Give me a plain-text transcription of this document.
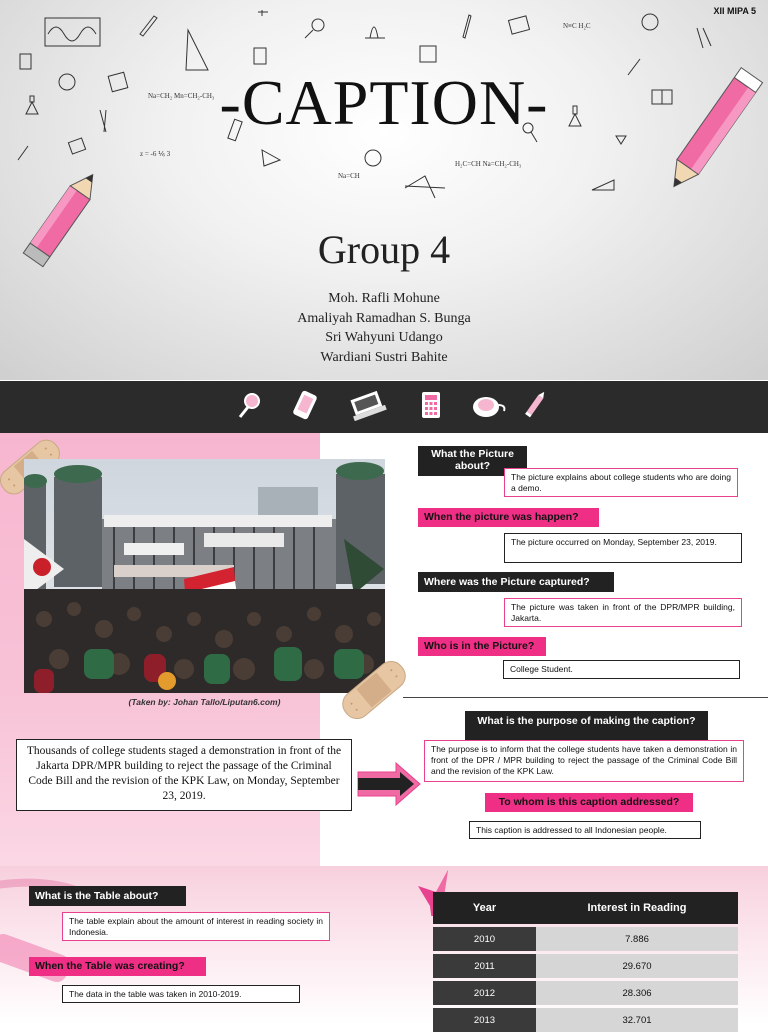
Na=CH₂ Mn=CH₂-CH₃
z = -6 ⅙ 3
H₂C=CH Na=CH₂-CH₃
N≡C H₂C
Na=CH
XII MIPA 5
-CAPTION-
Group 4
Moh. Rafli Mohune
Amaliyah Ramadhan S. Bunga
Sri Wahyuni Udango
Wardiani Sustri Bahite
(Taken by: Johan Tallo/Liputan6.com)
Thousands of college students staged a demonstration in front of the Jakarta DPR/MPR building to reject the passage of the Criminal Code Bill and the revision of the KPK Law, on Monday, September 23, 2019.
What the Picture about?
The picture explains about college students who are doing a demo.
When the picture was happen?
The picture occurred on Monday, September 23, 2019.
Where was the Picture captured?
The picture was taken in front of the DPR/MPR building, Jakarta.
Who is in the Picture?
College Student.
What is the purpose of making the caption?
The purpose is to inform that the college students have taken a demonstration in front of the DPR / MPR building to reject the passage of the Criminal Code Bill and the revision of the KPK Law.
To whom is this caption addressed?
This caption is addressed to all Indonesian people.
What is the Table about?
The table explain about the amount of interest in reading society in Indonesia.
When the Table was creating?
The data in the table was taken in 2010-2019.
Year	Interest in Reading
2010	7.886
2011	29.670
2012	28.306
2013	32.701
